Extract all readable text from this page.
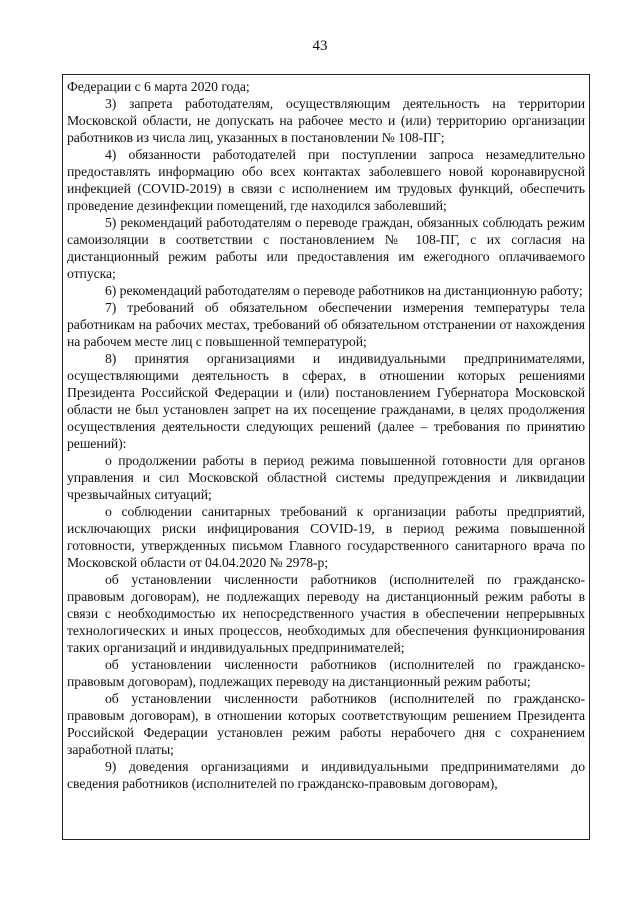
43

Федерации с 6 марта 2020 года;

3) запрета работодателям, осуществляющим деятельность на территории Московской области, не допускать на рабочее место и (или) территорию организации работников из числа лиц, указанных в постановлении № 108-ПГ;

4) обязанности работодателей при поступлении запроса незамедлительно предоставлять информацию обо всех контактах заболевшего новой коронавирусной инфекцией (COVID-2019) в связи с исполнением им трудовых функций, обеспечить проведение дезинфекции помещений, где находился заболевший;

5) рекомендаций работодателям о переводе граждан, обязанных соблюдать режим самоизоляции в соответствии с постановлением № 108-ПГ, с их согласия на дистанционный режим работы или предоставления им ежегодного оплачиваемого отпуска;

6) рекомендаций работодателям о переводе работников на дистанционную работу;

7) требований об обязательном обеспечении измерения температуры тела работникам на рабочих местах, требований об обязательном отстранении от нахождения на рабочем месте лиц с повышенной температурой;

8) принятия организациями и индивидуальными предпринимателями, осуществляющими деятельность в сферах, в отношении которых решениями Президента Российской Федерации и (или) постановлением Губернатора Московской области не был установлен запрет на их посещение гражданами, в целях продолжения осуществления деятельности следующих решений (далее – требования по принятию решений):

о продолжении работы в период режима повышенной готовности для органов управления и сил Московской областной системы предупреждения и ликвидации чрезвычайных ситуаций;

о соблюдении санитарных требований к организации работы предприятий, исключающих риски инфицирования COVID-19, в период режима повышенной готовности, утвержденных письмом Главного государственного санитарного врача по Московской области от 04.04.2020 № 2978-р;

об установлении численности работников (исполнителей по гражданско-правовым договорам), не подлежащих переводу на дистанционный режим работы в связи с необходимостью их непосредственного участия в обеспечении непрерывных технологических и иных процессов, необходимых для обеспечения функционирования таких организаций и индивидуальных предпринимателей;

об установлении численности работников (исполнителей по гражданско-правовым договорам), подлежащих переводу на дистанционный режим работы;

об установлении численности работников (исполнителей по гражданско-правовым договорам), в отношении которых соответствующим решением Президента Российской Федерации установлен режим работы нерабочего дня с сохранением заработной платы;

9) доведения организациями и индивидуальными предпринимателями до сведения работников (исполнителей по гражданско-правовым договорам),
